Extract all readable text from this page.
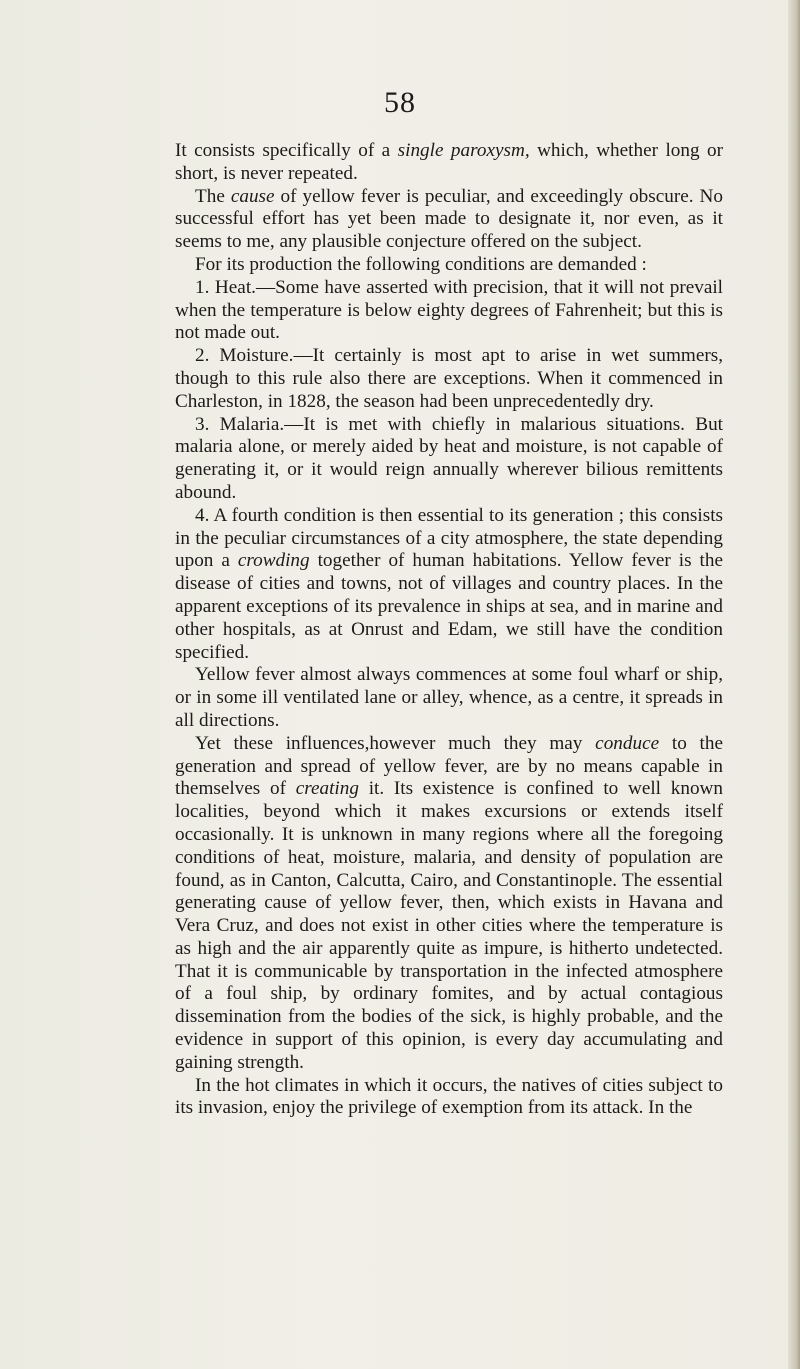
58

It consists specifically of a single paroxysm, which, whether long or short, is never repeated.

The cause of yellow fever is peculiar, and exceedingly obscure. No successful effort has yet been made to designate it, nor even, as it seems to me, any plausible conjecture offered on the subject.

For its production the following conditions are demanded :

1. Heat.—Some have asserted with precision, that it will not prevail when the temperature is below eighty degrees of Fahrenheit; but this is not made out.

2. Moisture.—It certainly is most apt to arise in wet summers, though to this rule also there are exceptions. When it commenced in Charleston, in 1828, the season had been unprecedentedly dry.

3. Malaria.—It is met with chiefly in malarious situations. But malaria alone, or merely aided by heat and moisture, is not capable of generating it, or it would reign annually wherever bilious remittents abound.

4. A fourth condition is then essential to its generation ; this consists in the peculiar circumstances of a city atmosphere, the state depending upon a crowding together of human habitations. Yellow fever is the disease of cities and towns, not of villages and country places. In the apparent exceptions of its prevalence in ships at sea, and in marine and other hospitals, as at Onrust and Edam, we still have the condition specified.

Yellow fever almost always commences at some foul wharf or ship, or in some ill ventilated lane or alley, whence, as a centre, it spreads in all directions.

Yet these influences,however much they may conduce to the generation and spread of yellow fever, are by no means capable in themselves of creating it. Its existence is confined to well known localities, beyond which it makes excursions or extends itself occasionally. It is unknown in many regions where all the foregoing conditions of heat, moisture, malaria, and density of population are found, as in Canton, Calcutta, Cairo, and Constantinople. The essential generating cause of yellow fever, then, which exists in Havana and Vera Cruz, and does not exist in other cities where the temperature is as high and the air apparently quite as impure, is hitherto undetected. That it is communicable by transportation in the infected atmosphere of a foul ship, by ordinary fomites, and by actual contagious dissemination from the bodies of the sick, is highly probable, and the evidence in support of this opinion, is every day accumulating and gaining strength.

In the hot climates in which it occurs, the natives of cities subject to its invasion, enjoy the privilege of exemption from its attack. In the
